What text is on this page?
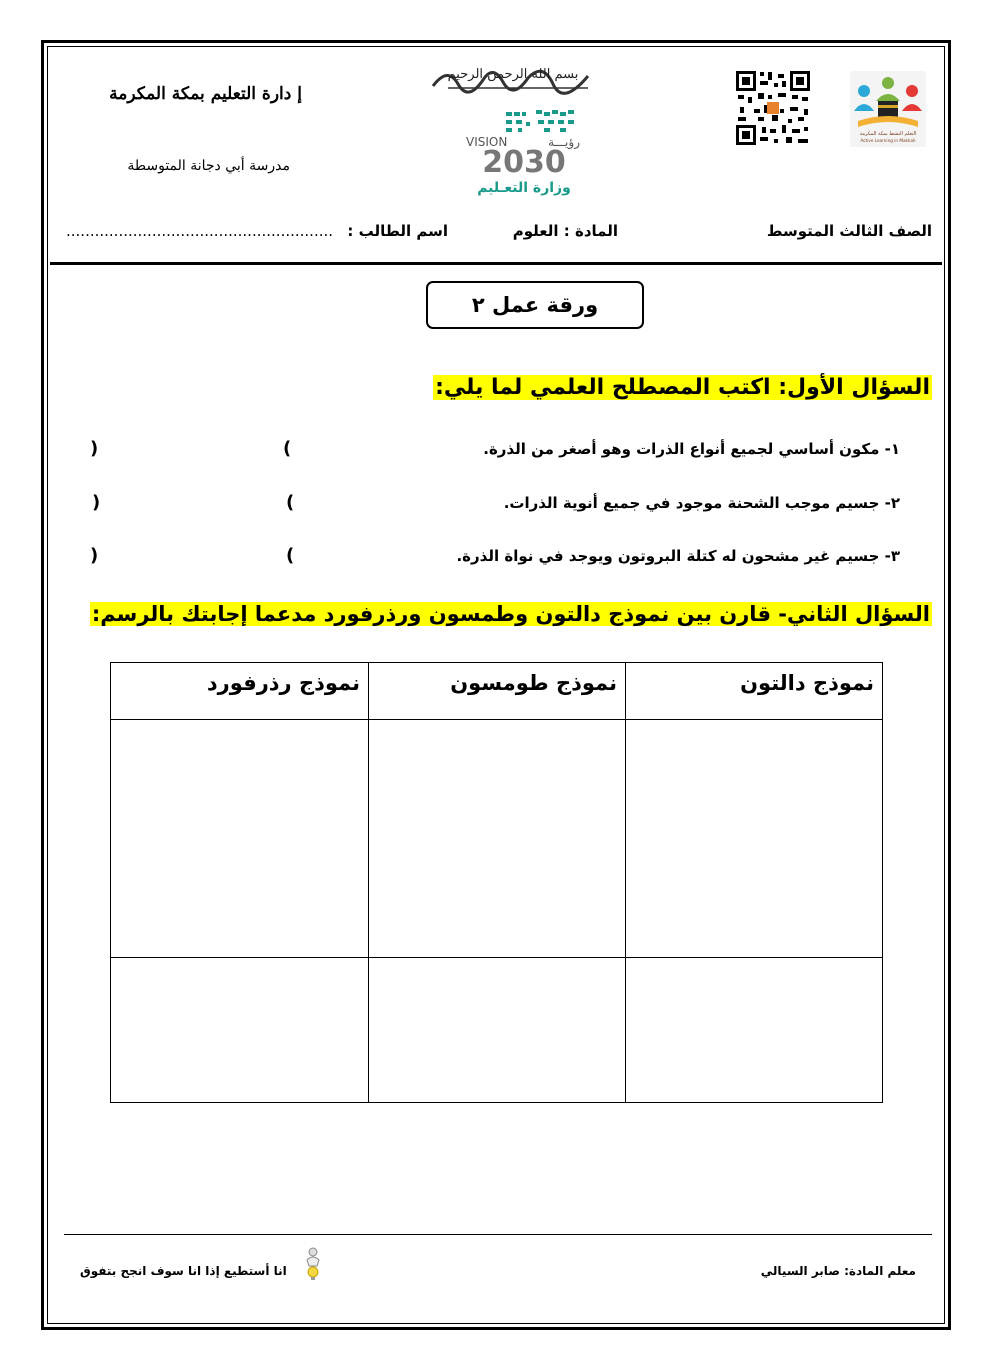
إ دارة التعليم بمكة المكرمة
مدرسة أبي دجانة المتوسطة
بسم الله الرحمن الرحيم
VISION	رؤيـــة
2030
وزارة التعـليم
التعلم النشط بمكة المكرمة
Active Learning in Makkah
الصف الثالث المتوسط
المادة : العلوم
اسم الطالب :
........................................................
ورقة عمل ٢
السؤال الأول: اكتب المصطلح العلمي لما يلي:
١- مكون أساسي لجميع أنواع الذرات وهو أصغر من الذرة.
(
)
٢- جسيم موجب الشحنة موجود في جميع أنوية الذرات.
(
)
٣- جسيم غير مشحون له كتلة البروتون ويوجد في نواة الذرة.
(
)
السؤال الثاني- قارن بين نموذج دالتون وطمسون ورذرفورد مدعما إجابتك بالرسم:
نموذج دالتون	نموذج طومسون	نموذج رذرفورد

معلم المادة: صابر السيالي
انا أستطيع إذا انا سوف انجح بتفوق
